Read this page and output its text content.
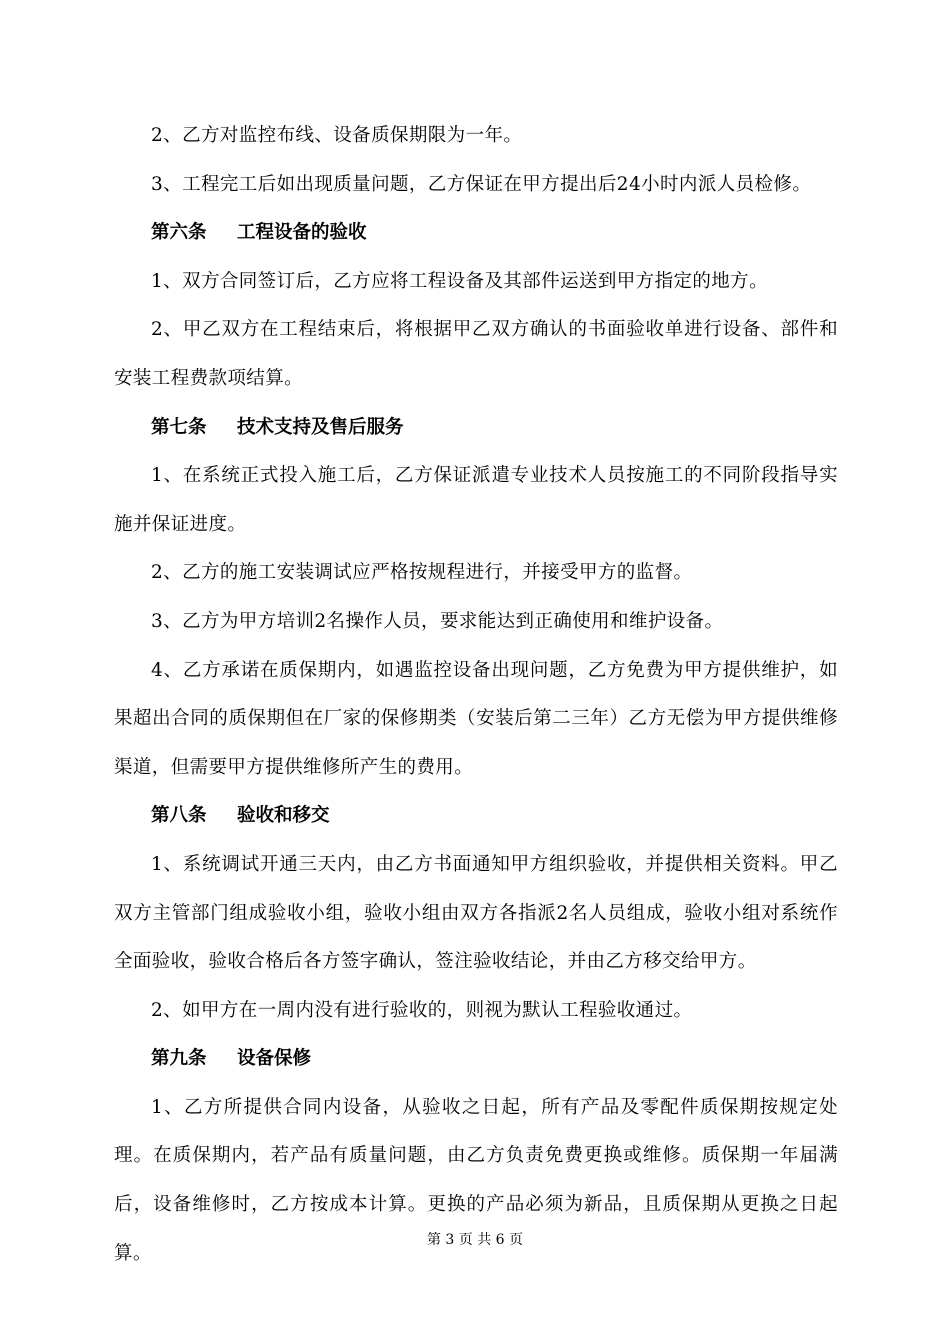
2、乙方对监控布线、设备质保期限为一年。

3、工程完工后如出现质量问题，乙方保证在甲方提出后24小时内派人员检修。

第六条 工程设备的验收

1、双方合同签订后，乙方应将工程设备及其部件运送到甲方指定的地方。

2、甲乙双方在工程结束后，将根据甲乙双方确认的书面验收单进行设备、部件和安装工程费款项结算。

第七条 技术支持及售后服务

1、在系统正式投入施工后，乙方保证派遣专业技术人员按施工的不同阶段指导实施并保证进度。

2、乙方的施工安装调试应严格按规程进行，并接受甲方的监督。

3、乙方为甲方培训2名操作人员，要求能达到正确使用和维护设备。

4、乙方承诺在质保期内，如遇监控设备出现问题，乙方免费为甲方提供维护，如果超出合同的质保期但在厂家的保修期类（安装后第二三年）乙方无偿为甲方提供维修渠道，但需要甲方提供维修所产生的费用。

第八条 验收和移交

1、系统调试开通三天内，由乙方书面通知甲方组织验收，并提供相关资料。甲乙双方主管部门组成验收小组，验收小组由双方各指派2名人员组成，验收小组对系统作全面验收，验收合格后各方签字确认，签注验收结论，并由乙方移交给甲方。

2、如甲方在一周内没有进行验收的，则视为默认工程验收通过。

第九条 设备保修

1、乙方所提供合同内设备，从验收之日起，所有产品及零配件质保期按规定处理。在质保期内，若产品有质量问题，由乙方负责免费更换或维修。质保期一年届满后，设备维修时，乙方按成本计算。更换的产品必须为新品，且质保期从更换之日起算。

第 3 页 共 6 页
